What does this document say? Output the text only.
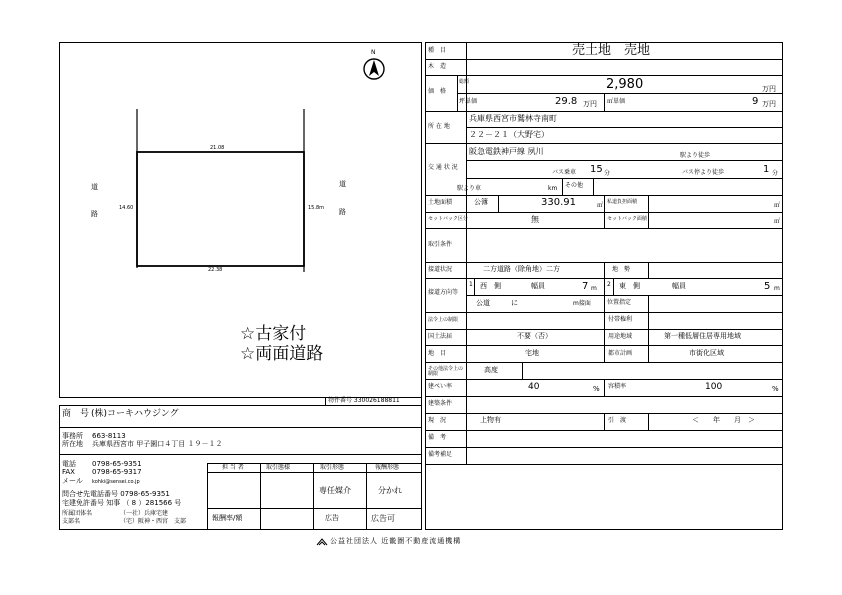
N
21.08
22.38
14.60	15.8m
道
路
道
路
☆古家付
☆両面道路
物件番号 330026188811
商　号 (株)コーキハウジング
事務所 663-8113
所在地 兵庫県西宮市 甲子園口４丁目 １９－１２
電話 0798-65-9351
FAX 0798-65-9317
メール kohki@sensei.co.jp
問合せ先電話番号 0798-65-9351
宅建免許番号 知事 （ 8 ）281566 号
所属団体名	（一社）兵庫宅建
支部名	（宅）阪神・西宮　支部
担 当 者	取引態様	取引形態	報酬形態
専任媒介	分かれ
報酬率/額	広告	広告可
種　目	売土地　売地
木　造
価　格
総額	2,980	万円
坪単価	29.8 万円 ㎡単価	9 万円
所 在 地
兵庫県西宮市鷲林寺南町
２２－２１（大野宅）
交 通 状 況
阪急電鉄神戸線 夙川	駅より徒歩
バス乗車 15 分	バス停より徒歩	1 分
駅より車	km その他
土地面積	公簿	330.91	㎡ 私道負担面積	㎡
セットバック区分	無	セットバック面積	㎡
取引条件
接道状況	二方道路（除角地）二方	地　勢
接道方向等
1 西　側	幅員	7 m
2 東　側	幅員	5 m
公道	に	m接面	位置指定
法令上の制限	付帯権利
国土法届	不要（否）	用途地域	第一種低層住居専用地域
地　目	宅地	都市計画	市街化区域
その他法令上の制限	高度
建ぺい率	40	% 容積率	100	%
建築条件
現　況	上物有	引　渡	＜　　年　　月　＞
備　考
備考補足
公益社団法人 近畿圏不動産流通機構
